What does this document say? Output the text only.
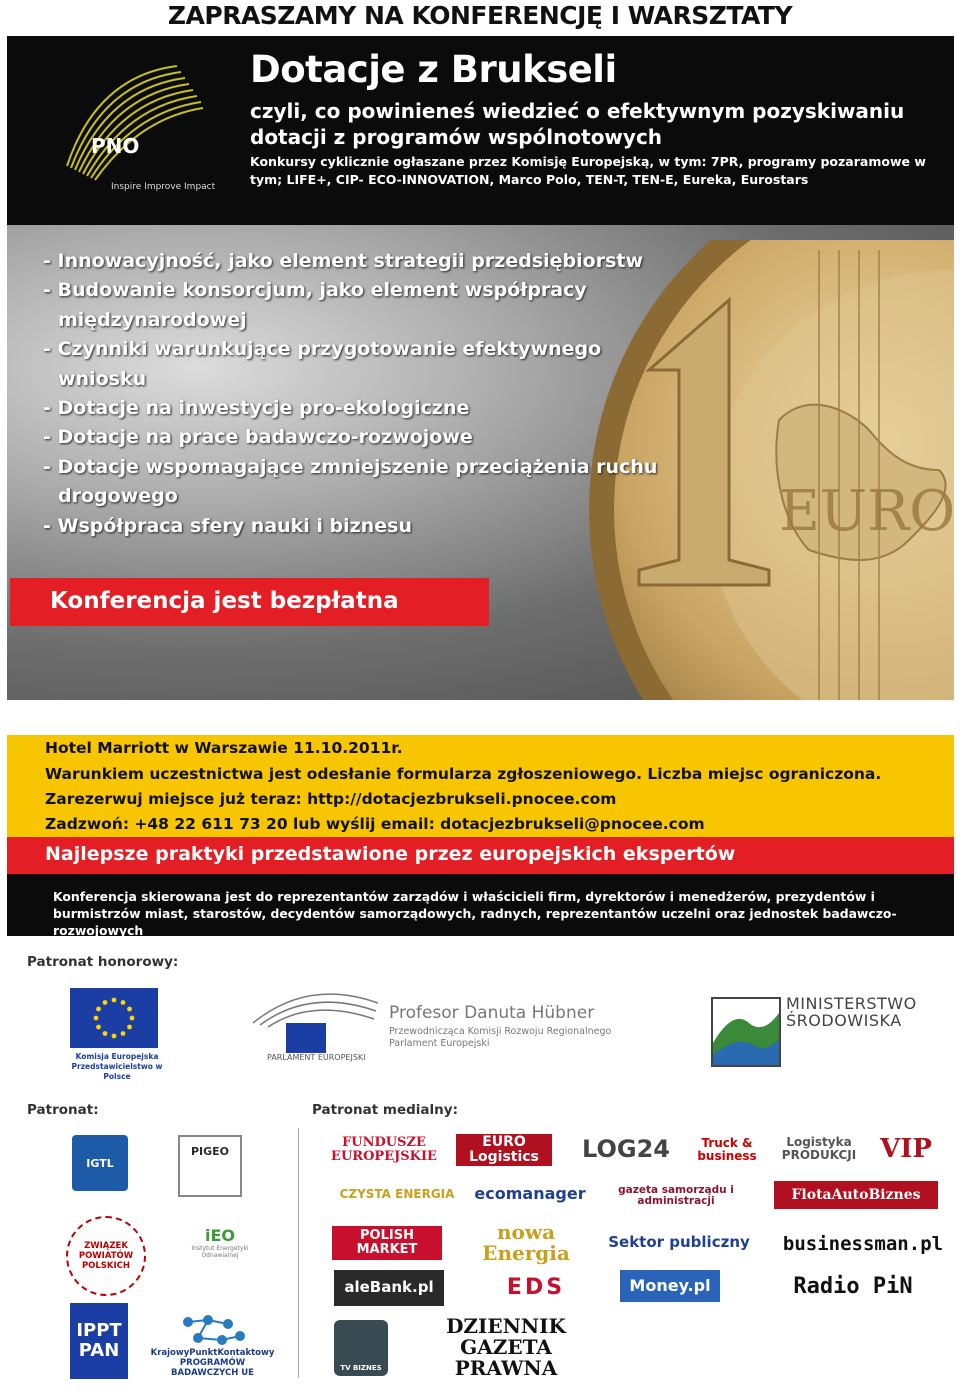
ZAPRASZAMY NA KONFERENCJĘ I WARSZTATY
PNO
Inspire Improve Impact
Dotacje z Brukseli
czyli, co powinieneś wiedzieć o efektywnym pozyskiwaniu dotacji z programów wspólnotowych
Konkursy cyklicznie ogłaszane przez Komisję Europejską, w tym: 7PR, programy pozaramowe w tym; LIFE+, CIP- ECO-INNOVATION, Marco Polo, TEN-T, TEN-E, Eureka, Eurostars
EURO
- Innowacyjność, jako element strategii przedsiębiorstw
- Budowanie konsorcjum, jako element współpracy międzynarodowej
- Czynniki warunkujące przygotowanie efektywnego wniosku
- Dotacje na inwestycje pro-ekologiczne
- Dotacje na prace badawczo-rozwojowe
- Dotacje wspomagające zmniejszenie przeciążenia ruchu drogowego
- Współpraca sfery nauki i biznesu
Konferencja jest bezpłatna
Hotel Marriott w Warszawie 11.10.2011r.
Warunkiem uczestnictwa jest odesłanie formularza zgłoszeniowego. Liczba miejsc ograniczona.
Zarezerwuj miejsce już teraz: http://dotacjezbrukseli.pnocee.com
Zadzwoń: +48 22 611 73 20 lub wyślij email: dotacjezbrukseli@pnocee.com
Najlepsze praktyki przedstawione przez europejskich ekspertów

Konferencja skierowana jest do reprezentantów zarządów i właścicieli firm, dyrektorów i menedżerów, prezydentów i burmistrzów miast, starostów, decydentów samorządowych, radnych, reprezentantów uczelni oraz jednostek badawczo-rozwojowych

Patronat honorowy:
Komisja Europejska Przedstawicielstwo w Polsce
PARLAMENT EUROPEJSKI
Profesor Danuta Hübner
Przewodnicząca Komisji Rozwoju Regionalnego Parlament Europejski
MINISTERSTWO ŚRODOWISKA
Patronat:
IGTL
PIGEO
ZWIĄZEK POWIATÓW POLSKICH
iEO
Instytut Energetyki Odnawialnej
IPPT PAN	KrajowyPunktKontaktowy PROGRAMÓW BADAWCZYCH UE
Patronat medialny:
FUNDUSZE EUROPEJSKIE
EURO Logistics	LOG24	Truck & business
Logistyka PRODUKCJI VIP
CZYSTA ENERGIA	ecomanager	gazeta samorządu i administracji	FlotaAutoBiznes
POLISH MARKET
nowa Energia	Sektor publiczny businessman.pl
aleBank.pl	EDS	Money.pl	Radio PiN
TV BIZNES
DZIENNIK GAZETA PRAWNA
